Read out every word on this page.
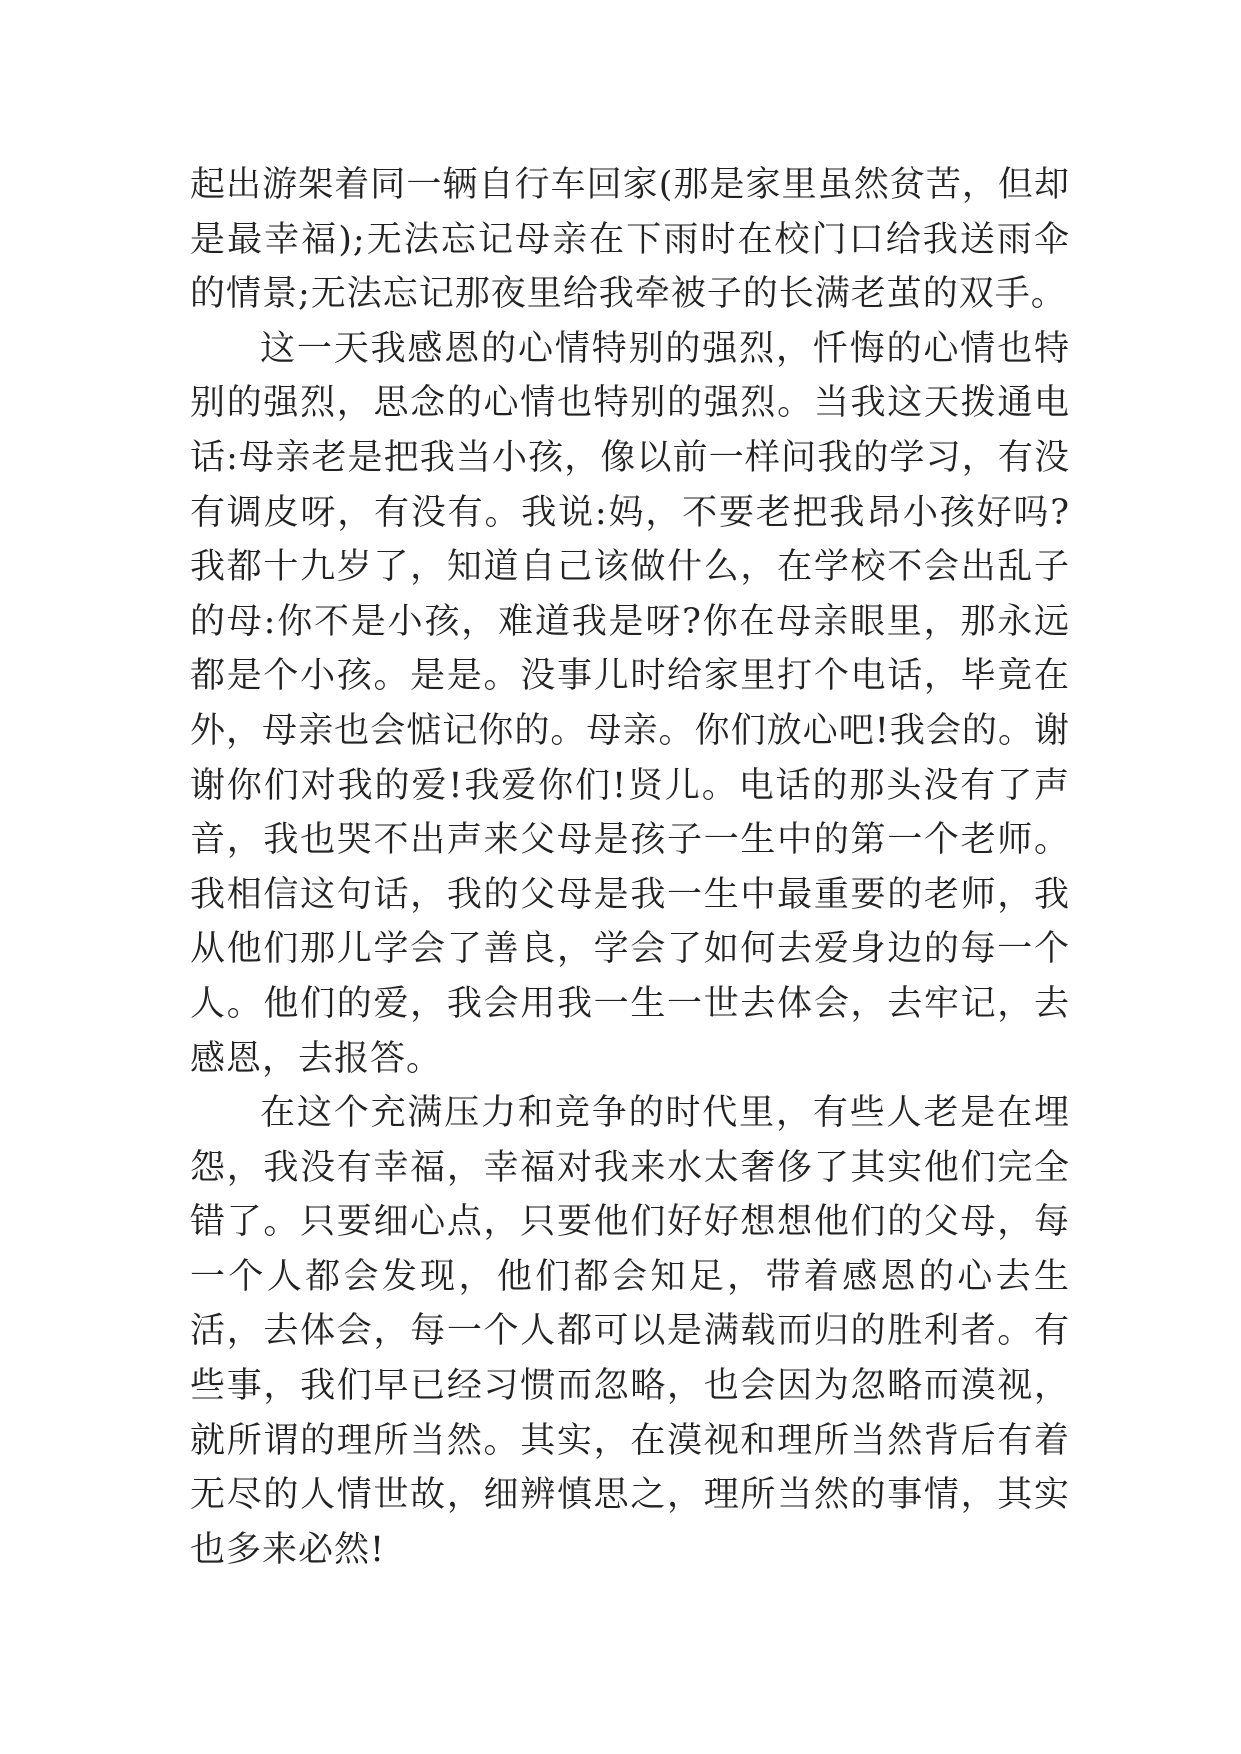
起出游架着同一辆自行车回家(那是家里虽然贫苦，但却是最幸福);无法忘记母亲在下雨时在校门口给我送雨伞的情景;无法忘记那夜里给我牵被子的长满老茧的双手。

这一天我感恩的心情特别的强烈，忏悔的心情也特别的强烈，思念的心情也特别的强烈。当我这天拨通电话:母亲老是把我当小孩，像以前一样问我的学习，有没有调皮呀，有没有。我说:妈，不要老把我昂小孩好吗?我都十九岁了，知道自己该做什么，在学校不会出乱子的母:你不是小孩，难道我是呀?你在母亲眼里，那永远都是个小孩。是是。没事儿时给家里打个电话，毕竟在外，母亲也会惦记你的。母亲。你们放心吧!我会的。谢谢你们对我的爱!我爱你们!贤儿。电话的那头没有了声音，我也哭不出声来父母是孩子一生中的第一个老师。我相信这句话，我的父母是我一生中最重要的老师，我从他们那儿学会了善良，学会了如何去爱身边的每一个人。他们的爱，我会用我一生一世去体会，去牢记，去感恩，去报答。

在这个充满压力和竞争的时代里，有些人老是在埋怨，我没有幸福，幸福对我来水太奢侈了其实他们完全错了。只要细心点，只要他们好好想想他们的父母，每一个人都会发现，他们都会知足，带着感恩的心去生活，去体会，每一个人都可以是满载而归的胜利者。有些事，我们早已经习惯而忽略，也会因为忽略而漠视，就所谓的理所当然。其实，在漠视和理所当然背后有着无尽的人情世故，细辨慎思之，理所当然的事情，其实也多来必然!
